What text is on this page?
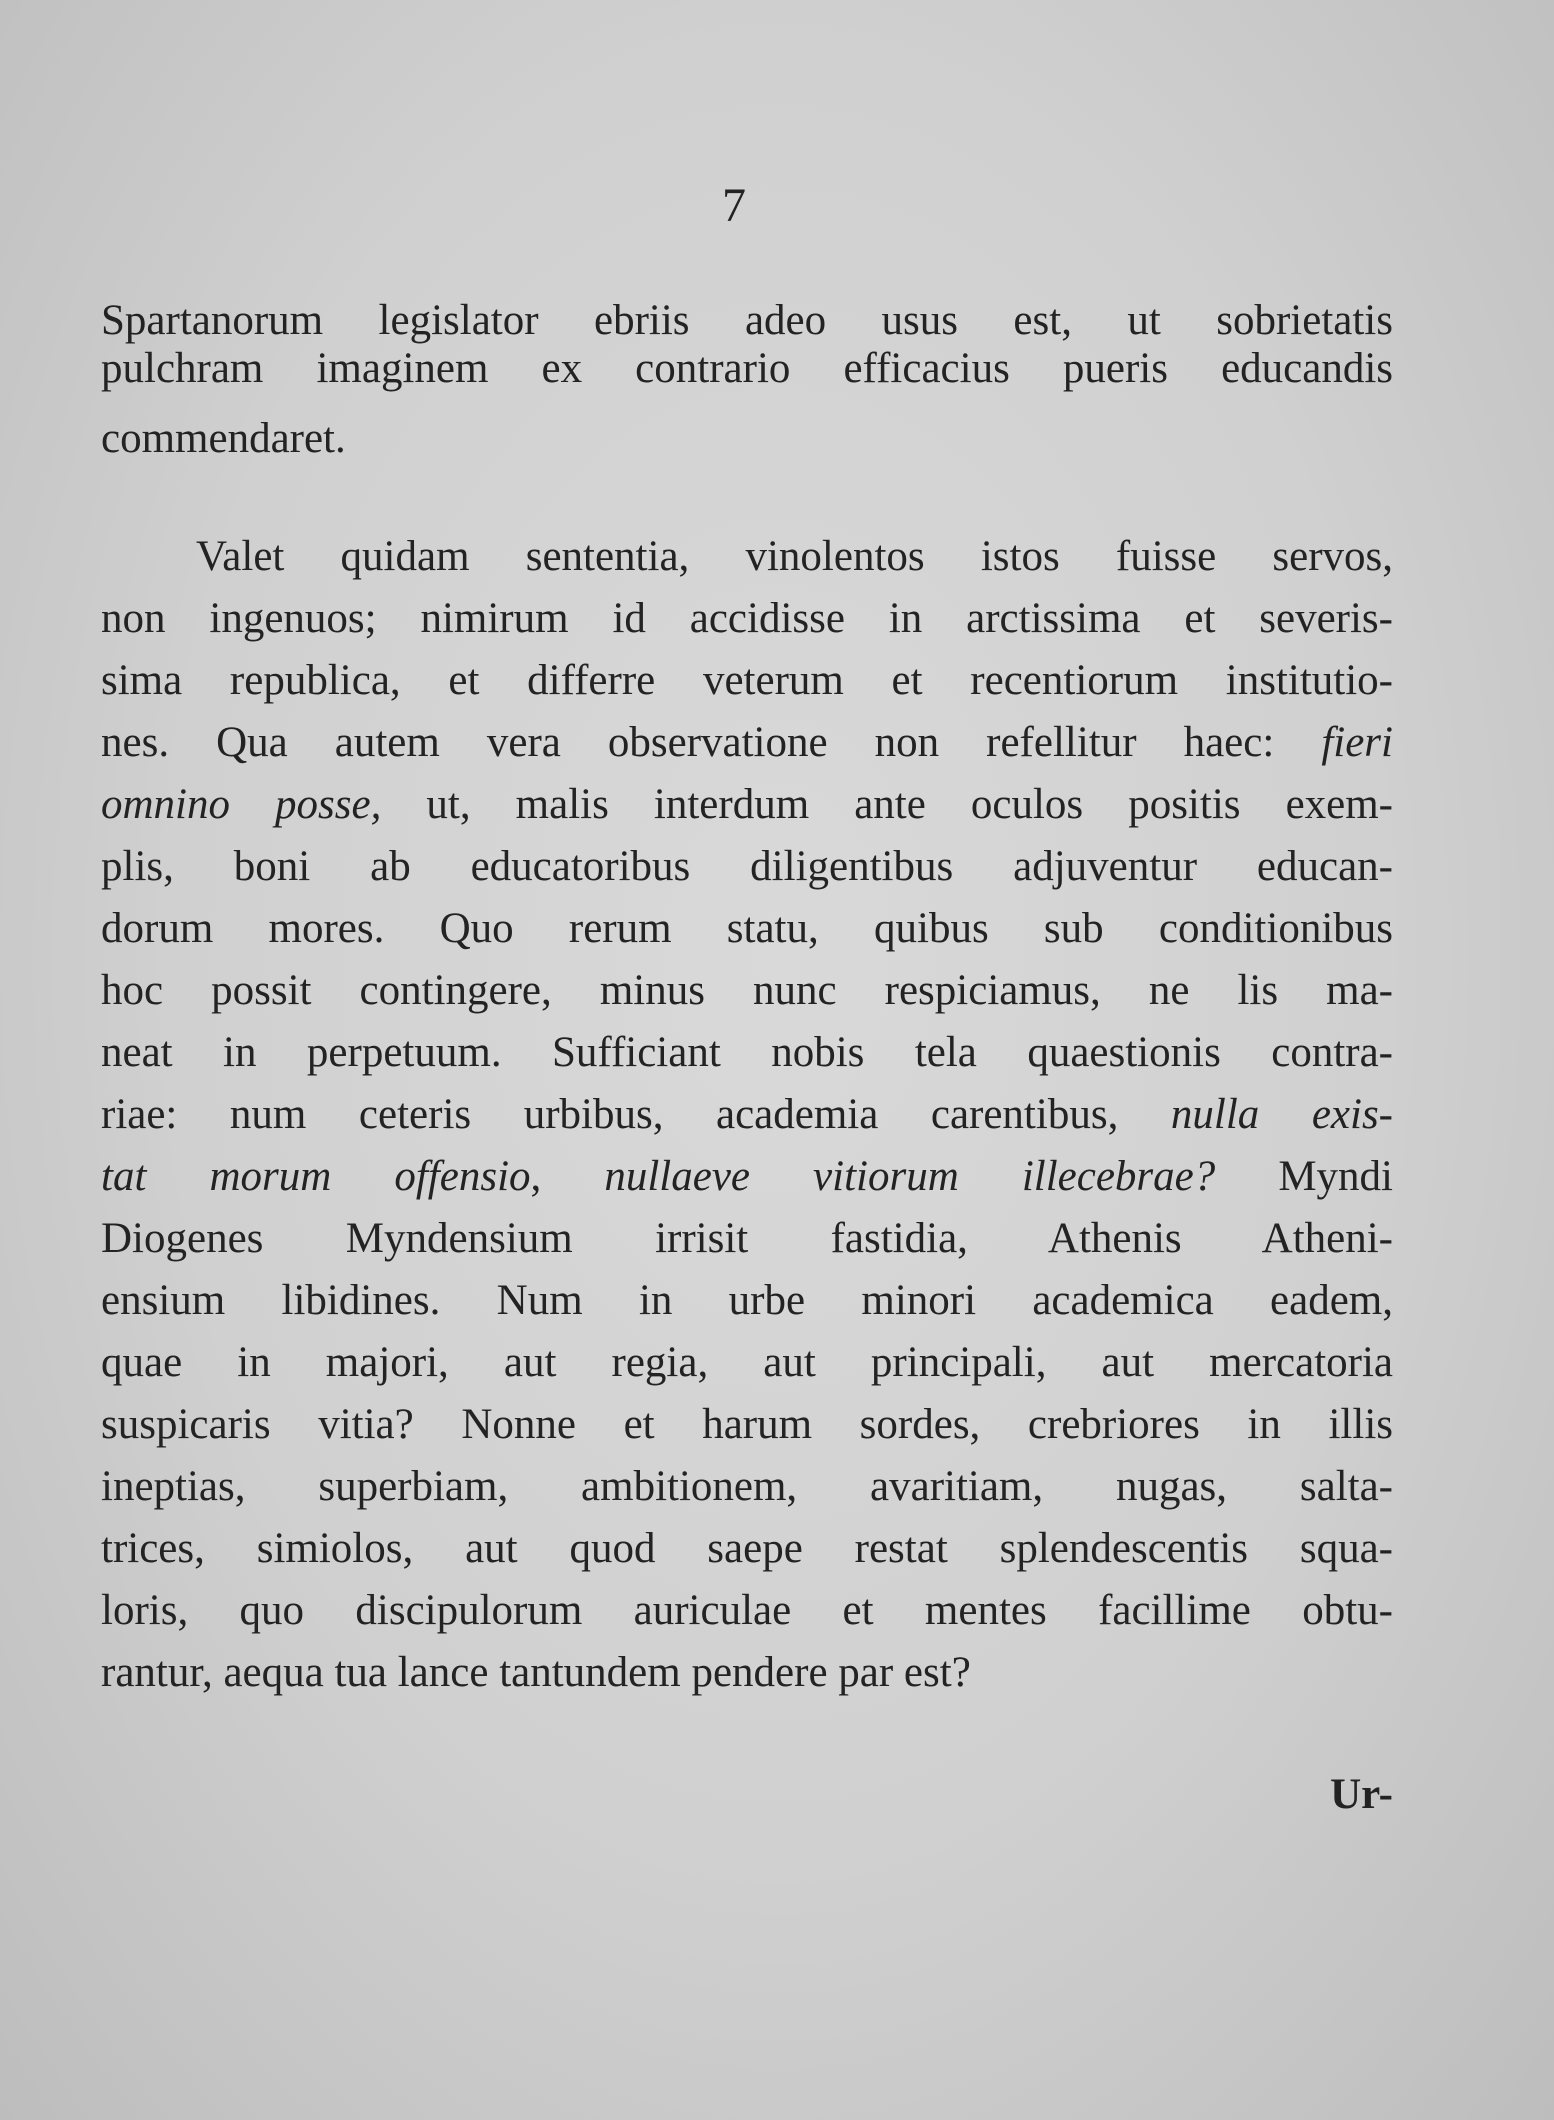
7
Spartanorum legislator ebriis adeo usus est, ut sobrietatis
pulchram imaginem ex contrario efficacius pueris educandis
commendaret.
Valet quidam sententia, vinolentos istos fuisse servos,
non ingenuos; nimirum id accidisse in arctissima et severis-
sima republica, et differre veterum et recentiorum institutio-
nes. Qua autem vera observatione non refellitur haec: fieri
omnino posse, ut, malis interdum ante oculos positis exem-
plis, boni ab educatoribus diligentibus adjuventur educan-
dorum mores. Quo rerum statu, quibus sub conditionibus
hoc possit contingere, minus nunc respiciamus, ne lis ma-
neat in perpetuum. Sufficiant nobis tela quaestionis contra-
riae: num ceteris urbibus, academia carentibus, nulla exis-
tat morum offensio, nullaeve vitiorum illecebrae? Myndi
Diogenes Myndensium irrisit fastidia, Athenis Atheni-
ensium libidines. Num in urbe minori academica eadem,
quae in majori, aut regia, aut principali, aut mercatoria
suspicaris vitia? Nonne et harum sordes, crebriores in illis
ineptias, superbiam, ambitionem, avaritiam, nugas, salta-
trices, simiolos, aut quod saepe restat splendescentis squa-
loris, quo discipulorum auriculae et mentes facillime obtu-
rantur, aequa tua lance tantundem pendere par est?
Ur-
